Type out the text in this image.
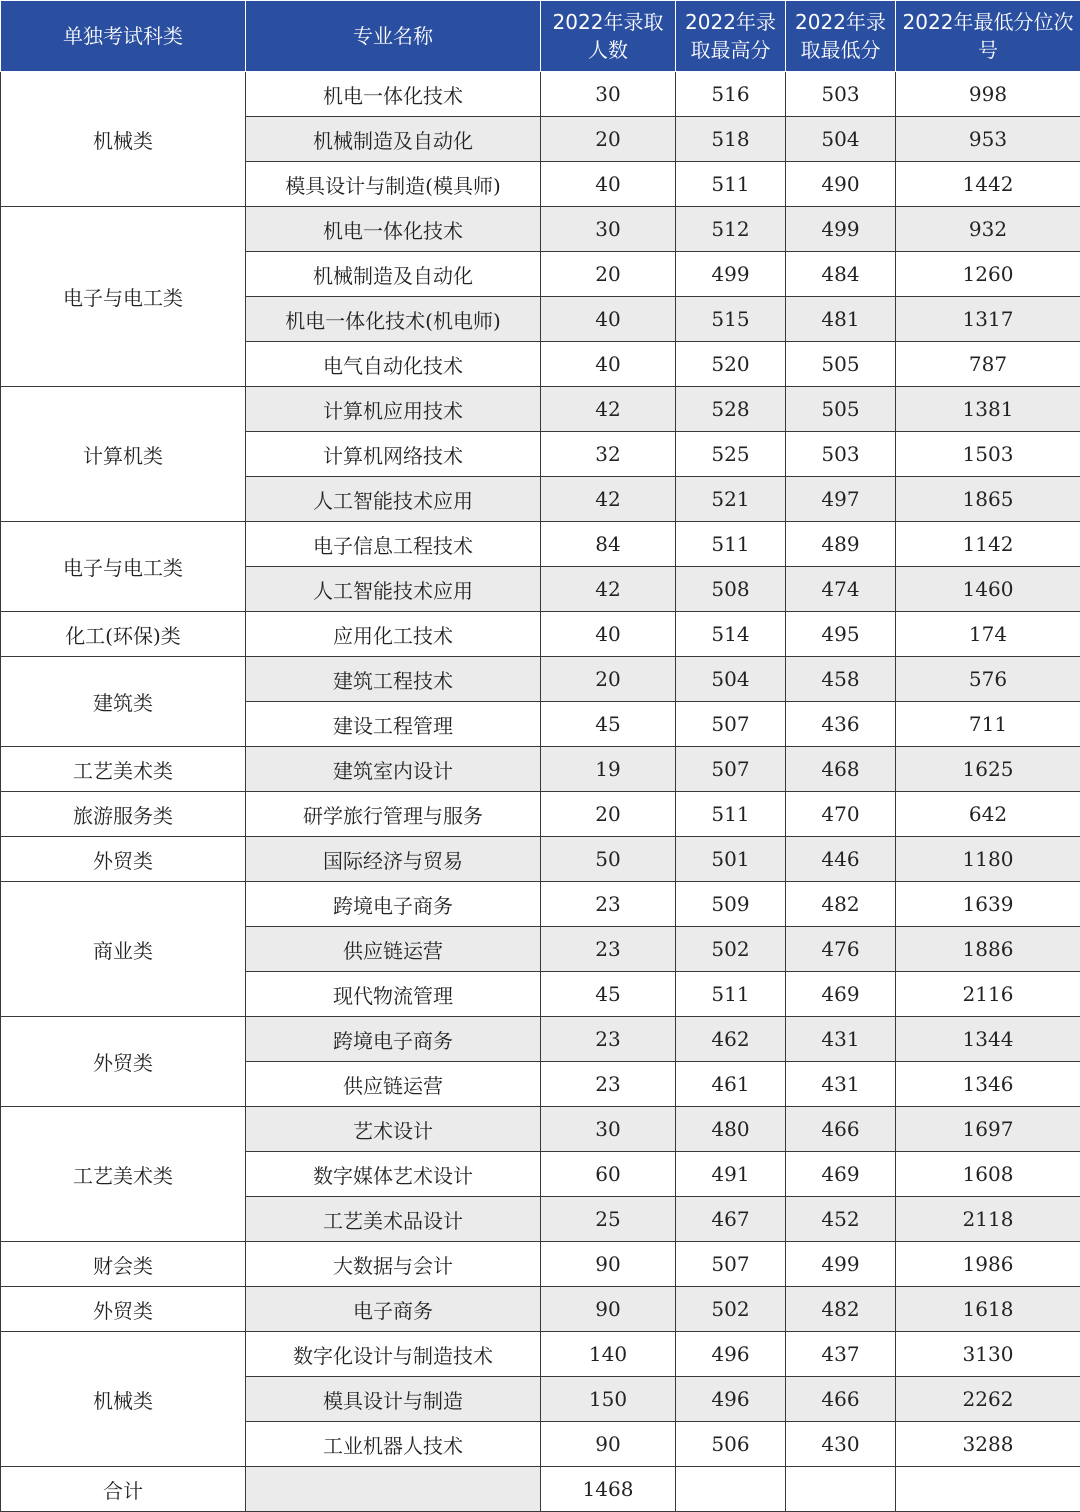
单独考试科类	专业名称	2022年录取人数	2022年录取最高分	2022年录取最低分	2022年最低分位次号
机械类	机电一体化技术	30	516	503	998
	机械制造及自动化	20	518	504	953
	模具设计与制造(模具师)	40	511	490	1442
电子与电工类	机电一体化技术	30	512	499	932
	机械制造及自动化	20	499	484	1260
	机电一体化技术(机电师)	40	515	481	1317
	电气自动化技术	40	520	505	787
计算机类	计算机应用技术	42	528	505	1381
	计算机网络技术	32	525	503	1503
	人工智能技术应用	42	521	497	1865
电子与电工类	电子信息工程技术	84	511	489	1142
	人工智能技术应用	42	508	474	1460
化工(环保)类	应用化工技术	40	514	495	174
建筑类	建筑工程技术	20	504	458	576
	建设工程管理	45	507	436	711
工艺美术类	建筑室内设计	19	507	468	1625
旅游服务类	研学旅行管理与服务	20	511	470	642
外贸类	国际经济与贸易	50	501	446	1180
商业类	跨境电子商务	23	509	482	1639
	供应链运营	23	502	476	1886
	现代物流管理	45	511	469	2116
外贸类	跨境电子商务	23	462	431	1344
	供应链运营	23	461	431	1346
工艺美术类	艺术设计	30	480	466	1697
	数字媒体艺术设计	60	491	469	1608
	工艺美术品设计	25	467	452	2118
财会类	大数据与会计	90	507	499	1986
外贸类	电子商务	90	502	482	1618
机械类	数字化设计与制造技术	140	496	437	3130
	模具设计与制造	150	496	466	2262
	工业机器人技术	90	506	430	3288
合计		1468			
